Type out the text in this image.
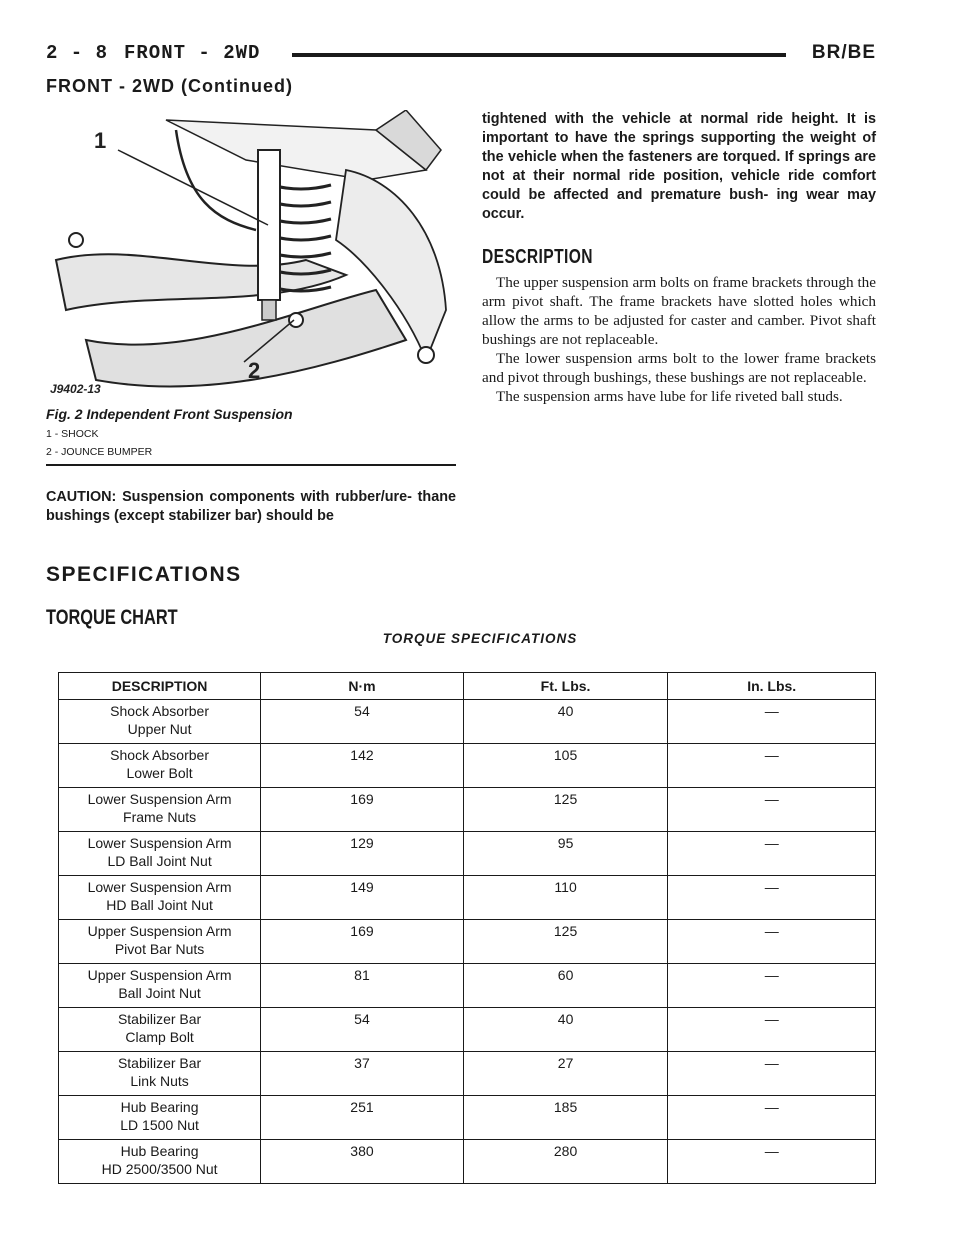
2 - 8 FRONT - 2WD	BR/BE
FRONT - 2WD (Continued)
1
2
J9402-13
Fig. 2 Independent Front Suspension
1 - SHOCK
2 - JOUNCE BUMPER
CAUTION: Suspension components with rubber/ure- thane bushings (except stabilizer bar) should be

tightened with the vehicle at normal ride height. It is important to have the springs supporting the weight of the vehicle when the fasteners are torqued. If springs are not at their normal ride position, vehicle ride comfort could be affected and premature bush- ing wear may occur.

DESCRIPTION

The upper suspension arm bolts on frame brackets through the arm pivot shaft. The frame brackets have slotted holes which allow the arms to be adjusted for caster and camber. Pivot shaft bushings are not replaceable.

The lower suspension arms bolt to the lower frame brackets and pivot through bushings, these bushings are not replaceable.

The suspension arms have lube for life riveted ball studs.

SPECIFICATIONS
TORQUE CHART
TORQUE SPECIFICATIONS
DESCRIPTION	N·m	Ft. Lbs.	In. Lbs.
Shock Absorber
Upper Nut	54	40	—
Shock Absorber
Lower Bolt	142	105	—
Lower Suspension Arm
Frame Nuts	169	125	—
Lower Suspension Arm
LD Ball Joint Nut	129	95	—
Lower Suspension Arm
HD Ball Joint Nut	149	110	—
Upper Suspension Arm
Pivot Bar Nuts	169	125	—
Upper Suspension Arm
Ball Joint Nut	81	60	—
Stabilizer Bar
Clamp Bolt	54	40	—
Stabilizer Bar
Link Nuts	37	27	—
Hub Bearing
LD 1500 Nut	251	185	—
Hub Bearing
HD 2500/3500 Nut	380	280	—
